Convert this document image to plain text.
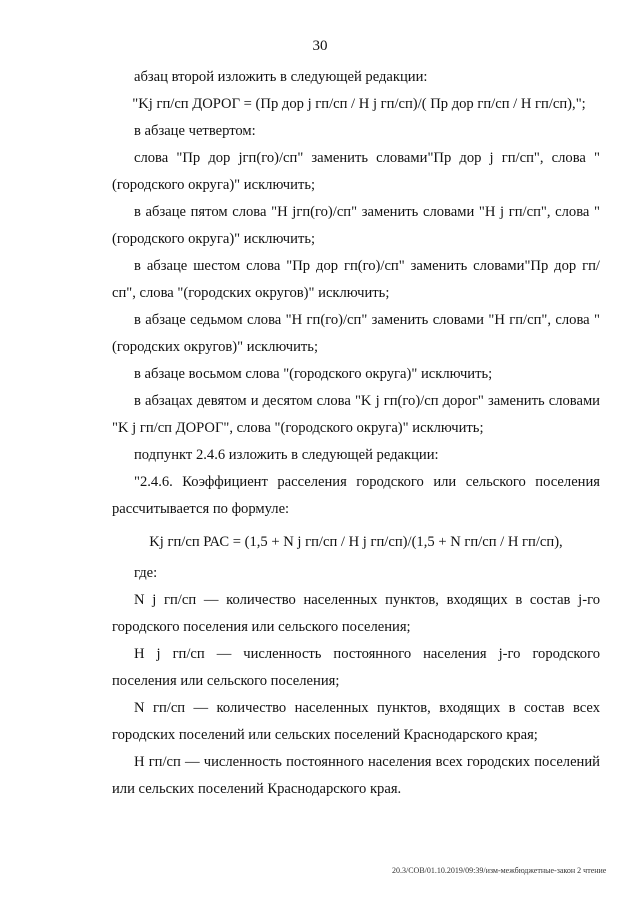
30

абзац второй изложить в следующей редакции:

"Kj гп/сп ДОРОГ = (Пр дор j гп/сп / H j гп/сп)/( Пр дор гп/сп / H гп/сп),";

в абзаце четвертом:

слова "Пр дор jгп(го)/сп" заменить словами"Пр дор j гп/сп", слова "(городского округа)" исключить;

в абзаце пятом слова "H jгп(го)/сп" заменить словами "H j гп/сп", слова "(городского округа)" исключить;

в абзаце шестом слова "Пр дор гп(го)/сп" заменить словами"Пр дор гп/сп", слова "(городских округов)" исключить;

в абзаце седьмом слова "H гп(го)/сп" заменить словами "H гп/сп", слова "(городских округов)" исключить;

в абзаце восьмом слова "(городского округа)" исключить;

в абзацах девятом и десятом слова "K j гп(го)/сп дорог" заменить словами "K j гп/сп ДОРОГ", слова "(городского округа)" исключить;

подпункт 2.4.6 изложить в следующей редакции:

"2.4.6. Коэффициент расселения городского или сельского поселения рассчитывается по формуле:

Kj гп/сп РАС = (1,5 + N j гп/сп / H j гп/сп)/(1,5 + N гп/сп / H гп/сп),

где:

N j гп/сп — количество населенных пунктов, входящих в состав j-го городского поселения или сельского поселения;

H j гп/сп — численность постоянного населения j-го городского поселения или сельского поселения;

N гп/сп — количество населенных пунктов, входящих в состав всех городских поселений или сельских поселений Краснодарского края;

H гп/сп — численность постоянного населения всех городских поселений или сельских поселений Краснодарского края.

20.3/СОВ/01.10.2019/09:39/изм-межбюджетные-закон 2 чтение
